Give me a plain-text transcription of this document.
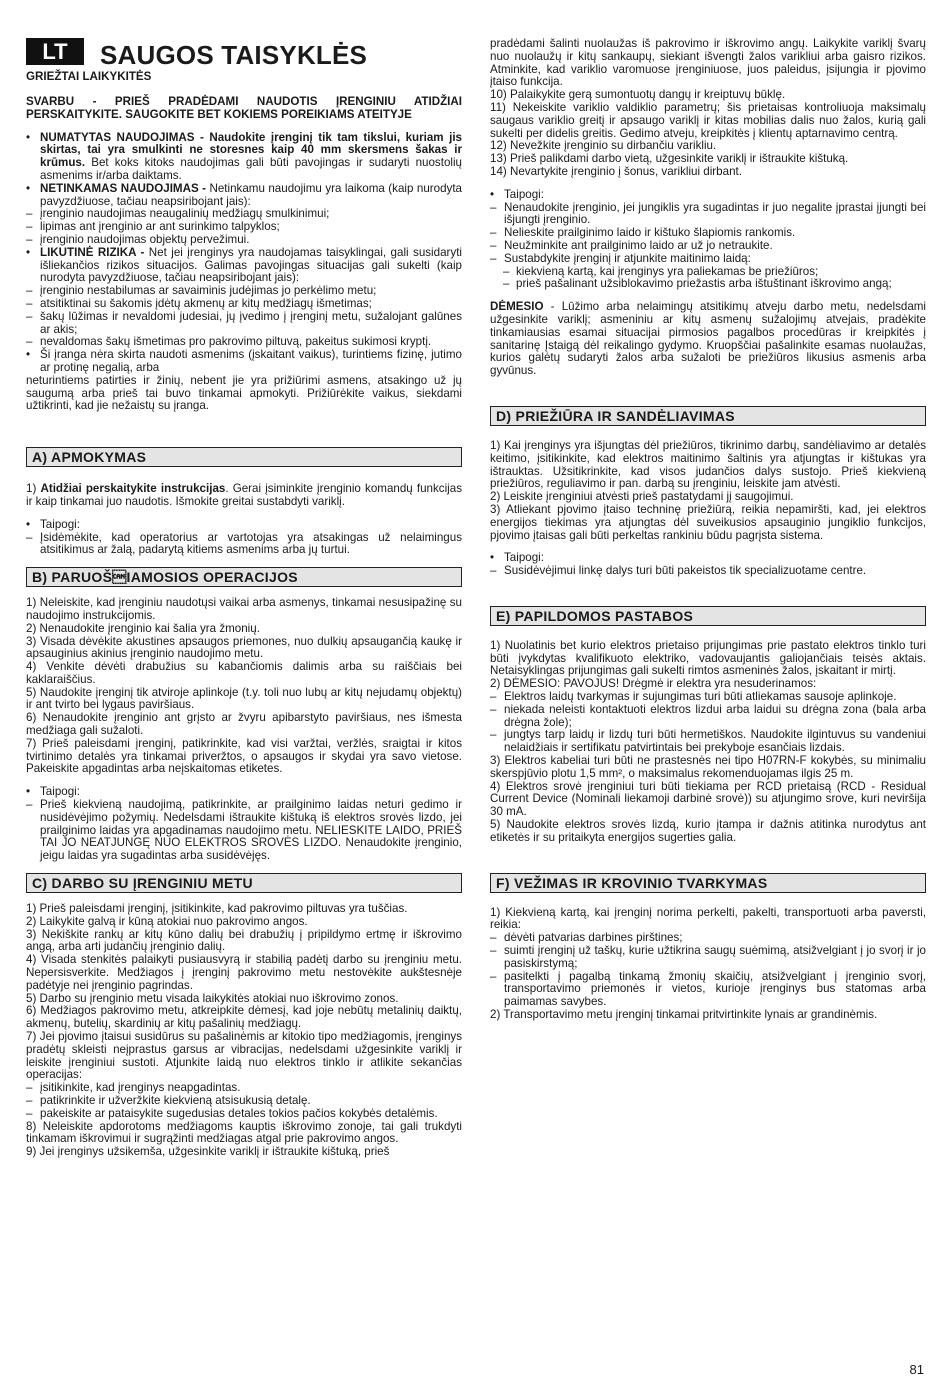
LT	SAUGOS TAISYKLĖS
GRIEŽTAI LAIKYKITĖS

SVARBU - PRIEŠ PRADĖDAMI NAUDOTIS ĮRENGINIU ATIDŽIAI PERSKAITYKITE. SAUGOKITE BET KOKIEMS POREIKIAMS ATEITYJE

• NUMATYTAS NAUDOJIMAS - Naudokite įrenginį tik tam tikslui, kuriam jis skirtas, tai yra smulkinti ne storesnes kaip 40 mm skersmens šakas ir krūmus. Bet koks kitoks naudojimas gali būti pavojingas ir sudaryti nuostolių asmenims ir/arba daiktams.
• NETINKAMAS NAUDOJIMAS - Netinkamu naudojimu yra laikoma (kaip nurodyta pavyzdžiuose, tačiau neapsiribojant jais):
– įrenginio naudojimas neaugalinių medžiagų smulkinimui;
– lipimas ant įrenginio ar ant surinkimo talpyklos;
– įrenginio naudojimas objektų pervežimui.
• LIKUTINĖ RIZIKA - Net jei įrenginys yra naudojamas taisyklingai, gali susidaryti išliekančios rizikos situacijos. Galimas pavojingas situacijas gali sukelti (kaip nurodyta pavyzdžiuose, tačiau neapsiribojant jais):
– įrenginio nestabilumas ar savaiminis judėjimas jo perkėlimo metu;
– atsitiktinai su šakomis įdėtų akmenų ar kitų medžiagų išmetimas;
– šakų lūžimas ir nevaldomi judesiai, jų įvedimo į įrenginį metu, sužalojant galūnes ar akis;
– nevaldomas šakų išmetimas pro pakrovimo piltuvą, pakeitus sukimosi kryptį.
• Ši įranga nėra skirta naudoti asmenims (įskaitant vaikus), turintiems fizinę, jutimo ar protinę negalią, arba

neturintiems patirties ir žinių, nebent jie yra prižiūrimi asmens, atsakingo už jų saugumą arba prieš tai buvo tinkamai apmokyti. Prižiūrėkite vaikus, siekdami užtikrinti, kad jie nežaistų su įranga.

A) APMOKYMAS

1) Atidžiai perskaitykite instrukcijas. Gerai įsiminkite įrenginio komandų funkcijas ir kaip tinkamai juo naudotis. Išmokite greitai sustabdyti variklį.

• Taipogi:
– Įsidėmėkite, kad operatorius ar vartotojas yra atsakingas už nelaimingus atsitikimus ar žalą, padarytą kitiems asmenims arba jų turtui.
B) PARUOŠIAMOSIOS OPERACIJOS

1) Neleiskite, kad įrenginiu naudotųsi vaikai arba asmenys, tinkamai nesusipažinę su naudojimo instrukcijomis.

2) Nenaudokite įrenginio kai šalia yra žmonių.

3) Visada dėvėkite akustines apsaugos priemones, nuo dulkių apsaugančią kaukę ir apsauginius akinius įrenginio naudojimo metu.

4) Venkite dėvėti drabužius su kabančiomis dalimis arba su raiščiais bei kaklaraiščius.

5) Naudokite įrenginį tik atviroje aplinkoje (t.y. toli nuo lubų ar kitų nejudamų objektų) ir ant tvirto bei lygaus paviršiaus.

6) Nenaudokite įrenginio ant grįsto ar žvyru apibarstyto paviršiaus, nes išmesta medžiaga gali sužaloti.

7) Prieš paleisdami įrenginį, patikrinkite, kad visi varžtai, veržlės, sraigtai ir kitos tvirtinimo detalės yra tinkamai priveržtos, o apsaugos ir skydai yra savo vietose. Pakeiskite apgadintas arba neįskaitomas etiketes.

• Taipogi:
– Prieš kiekvieną naudojimą, patikrinkite, ar prailginimo laidas neturi gedimo ir nusidėvėjimo požymių. Nedelsdami ištraukite kištuką iš elektros srovės lizdo, jei prailginimo laidas yra apgadinamas naudojimo metu. NELIESKITE LAIDO, PRIEŠ TAI JO NEATJUNGĘ NUO ELEKTROS SROVĖS LIZDO. Nenaudokite įrenginio, jeigu laidas yra sugadintas arba susidėvėjęs.
C) DARBO SU ĮRENGINIU METU

1) Prieš paleisdami įrenginį, įsitikinkite, kad pakrovimo piltuvas yra tuščias.

2) Laikykite galvą ir kūną atokiai nuo pakrovimo angos.

3) Nekiškite rankų ar kitų kūno dalių bei drabužių į pripildymo ertmę ir iškrovimo angą, arba arti judančių įrenginio dalių.

4) Visada stenkitės palaikyti pusiausvyrą ir stabilią padėtį darbo su įrenginiu metu. Nepersisverkite. Medžiagos į įrenginį pakrovimo metu nestovėkite aukštesnėje padėtyje nei įrenginio pagrindas.

5) Darbo su įrenginio metu visada laikykitės atokiai nuo iškrovimo zonos.

6) Medžiagos pakrovimo metu, atkreipkite dėmesį, kad joje nebūtų metalinių daiktų, akmenų, butelių, skardinių ar kitų pašalinių medžiagų.

7) Jei pjovimo įtaisui susidūrus su pašalinėmis ar kitokio tipo medžiagomis, įrenginys pradėtų skleisti neįprastus garsus ar vibracijas, nedelsdami užgesinkite variklį ir leiskite įrenginiui sustoti. Atjunkite laidą nuo elektros tinklo ir atlikite sekančias operacijas:

– įsitikinkite, kad įrenginys neapgadintas.
– patikrinkite ir užveržkite kiekvieną atsisukusią detalę.
– pakeiskite ar pataisykite sugedusias detales tokios pačios kokybės detalėmis.

8) Neleiskite apdorotoms medžiagoms kauptis iškrovimo zonoje, tai gali trukdyti tinkamam iškrovimui ir sugrąžinti medžiagas atgal prie pakrovimo angos.

9) Jei įrenginys užsikemša, užgesinkite variklį ir ištraukite kištuką, prieš

pradėdami šalinti nuolaužas iš pakrovimo ir iškrovimo angų. Laikykite variklį švarų nuo nuolaužų ir kitų sankaupų, siekiant išvengti žalos varikliui arba gaisro rizikos. Atminkite, kad variklio varomuose įrenginiuose, juos paleidus, įsijungia ir pjovimo įtaiso funkcija.

10) Palaikykite gerą sumontuotų dangų ir kreiptuvų būklę.

11) Nekeiskite variklio valdiklio parametrų; šis prietaisas kontroliuoja maksimalų saugaus variklio greitį ir apsaugo variklį ir kitas mobilias dalis nuo žalos, kurią gali sukelti per didelis greitis. Gedimo atveju, kreipkitės į klientų aptarnavimo centrą.

12) Nevežkite įrenginio su dirbančiu varikliu.

13) Prieš palikdami darbo vietą, užgesinkite variklį ir ištraukite kištuką.

14) Nevartykite įrenginio į šonus, varikliui dirbant.

• Taipogi:
– Nenaudokite įrenginio, jei jungiklis yra sugadintas ir juo negalite įprastai įjungti bei išjungti įrenginio.
– Nelieskite prailginimo laido ir kištuko šlapiomis rankomis.
– Neužminkite ant prailginimo laido ar už jo netraukite.
– Sustabdykite įrenginį ir atjunkite maitinimo laidą:
– kiekvieną kartą, kai įrenginys yra paliekamas be priežiūros;
– prieš pašalinant užsiblokavimo priežastis arba ištuštinant iškrovimo angą;

DĖMESIO - Lūžimo arba nelaimingų atsitikimų atveju darbo metu, nedelsdami užgesinkite variklį; asmeniniu ar kitų asmenų sužalojimų atvejais, pradėkite tinkamiausias esamai situacijai pirmosios pagalbos procedūras ir kreipkitės į sanitarinę Įstaigą dėl reikalingo gydymo. Kruopščiai pašalinkite esamas nuolaužas, kurios galėtų sudaryti žalos arba sužaloti be priežiūros likusius asmenis arba gyvūnus.

D) PRIEŽIŪRA IR SANDĖLIAVIMAS

1) Kai įrenginys yra išjungtas dėl priežiūros, tikrinimo darbų, sandėliavimo ar detalės keitimo, įsitikinkite, kad elektros maitinimo šaltinis yra atjungtas ir kištukas yra ištrauktas. Užsitikrinkite, kad visos judančios dalys sustojo. Prieš kiekvieną priežiūros, reguliavimo ir pan. darbą su įrenginiu, leiskite jam atvėsti.

2) Leiskite įrenginiui atvėsti prieš pastatydami jį saugojimui.

3) Atliekant pjovimo įtaiso techninę priežiūrą, reikia nepamiršti, kad, jei elektros energijos tiekimas yra atjungtas dėl suveikusios apsauginio jungiklio funkcijos, pjovimo įtaisas gali būti perkeltas rankiniu būdu pagrįsta sistema.

• Taipogi:
– Susidėvėjimui linkę dalys turi būti pakeistos tik specializuotame centre.
E) PAPILDOMOS PASTABOS

1) Nuolatinis bet kurio elektros prietaiso prijungimas prie pastato elektros tinklo turi būti įvykdytas kvalifikuoto elektriko, vadovaujantis galiojančiais teisės aktais. Netaisyklingas prijungimas gali sukelti rimtos asmeninės žalos, įskaitant ir mirtį.

2) DĖMESIO: PAVOJUS! Drėgmė ir elektra yra nesuderinamos:

– Elektros laidų tvarkymas ir sujungimas turi būti atliekamas sausoje aplinkoje.
– niekada neleisti kontaktuoti elektros lizdui arba laidui su drėgna zona (bala arba drėgna žole);
– jungtys tarp laidų ir lizdų turi būti hermetiškos. Naudokite ilgintuvus su vandeniui nelaidžiais ir sertifikatu patvirtintais bei prekyboje esančiais lizdais.

3) Elektros kabeliai turi būti ne prastesnės nei tipo H07RN-F kokybės, su minimaliu skerspjūvio plotu 1,5 mm², o maksimalus rekomenduojamas ilgis 25 m.

4) Elektros srovė įrenginiui turi būti tiekiama per RCD prietaisą (RCD - Residual Current Device (Nominali liekamoji darbinė srovė)) su atjungimo srove, kuri neviršija 30 mA.

5) Naudokite elektros srovės lizdą, kurio įtampa ir dažnis atitinka nurodytus ant etiketės ir su pritaikyta energijos sugerties galia.

F) VEŽIMAS IR KROVINIO TVARKYMAS

1) Kiekvieną kartą, kai įrenginį norima perkelti, pakelti, transportuoti arba paversti, reikia:

– dėvėti patvarias darbines pirštines;
– suimti įrenginį už taškų, kurie užtikrina saugų suėmimą, atsižvelgiant į jo svorį ir jo pasiskirstymą;
– pasitelkti į pagalbą tinkamą žmonių skaičių, atsižvelgiant į įrenginio svorį, transportavimo priemonės ir vietos, kurioje įrenginys bus statomas arba paimamas savybes.

2) Transportavimo metu įrenginį tinkamai pritvirtinkite lynais ar grandinėmis.

81
